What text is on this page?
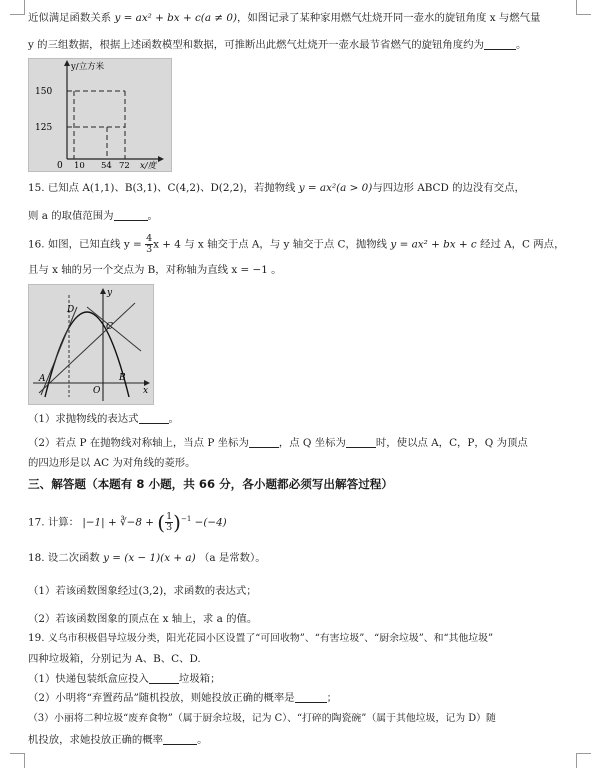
近似满足函数关系 y = ax² + bx + c(a ≠ 0)，如图记录了某种家用燃气灶烧开同一壶水的旋钮角度 x 与燃气量
y 的三组数据，根据上述函数模型和数据，可推断出此燃气灶烧开一壶水最节省燃气的旋钮角度约为	。
y/立方米
150
125
0 10 54 72 x/度
15. 已知点 A(1,1)、B(3,1)、C(4,2)、D(2,2)，若抛物线 y = ax²(a > 0)与四边形 ABCD 的边没有交点，
则 a 的取值范围为	。
16. 如图，已知直线 $y = \frac{4}{3}$ x + 4 与 x 轴交于点 A，与 y 轴交于点 C，抛物线 y = ax² + bx + c 经过 A，C 两点，
且与 x 轴的另一个交点为 B，对称轴为直线 x = −1 。
D
C
A
O
B
y
x
（1）求抛物线的表达式	。
（2）若点 P 在抛物线对称轴上，当点 P 坐标为	，点 Q 坐标为	时，使以点 A，C，P，Q 为顶点
的四边形是以 AC 为对角线的菱形。
三、解答题（本题有 8 小题，共 66 分，各小题都必须写出解答过程）
17. 计算： |−1| + ∛−8 + ( $\frac{1}{3} )^{-1} -(-4)$
18. 设二次函数 y = (x − 1)(x + a) （a 是常数）。
（1）若该函数图象经过(3,2)，求函数的表达式；
（2）若该函数图象的顶点在 x 轴上，求 a 的值。
19. 义乌市积极倡导垃圾分类，阳光花园小区设置了“可回收物”、“有害垃圾”、“厨余垃圾”、和“其他垃圾”
四种垃圾箱，分别记为 A、B、C、D.
（1）快递包装纸盒应投入	垃圾箱；
（2）小明将“弃置药品”随机投放，则她投放正确的概率是	；
（3）小丽将二种垃圾“废弃食物”（属于厨余垃圾，记为 C）、“打碎的陶瓷碗”（属于其他垃圾，记为 D）随
机投放，求她投放正确的概率	。
